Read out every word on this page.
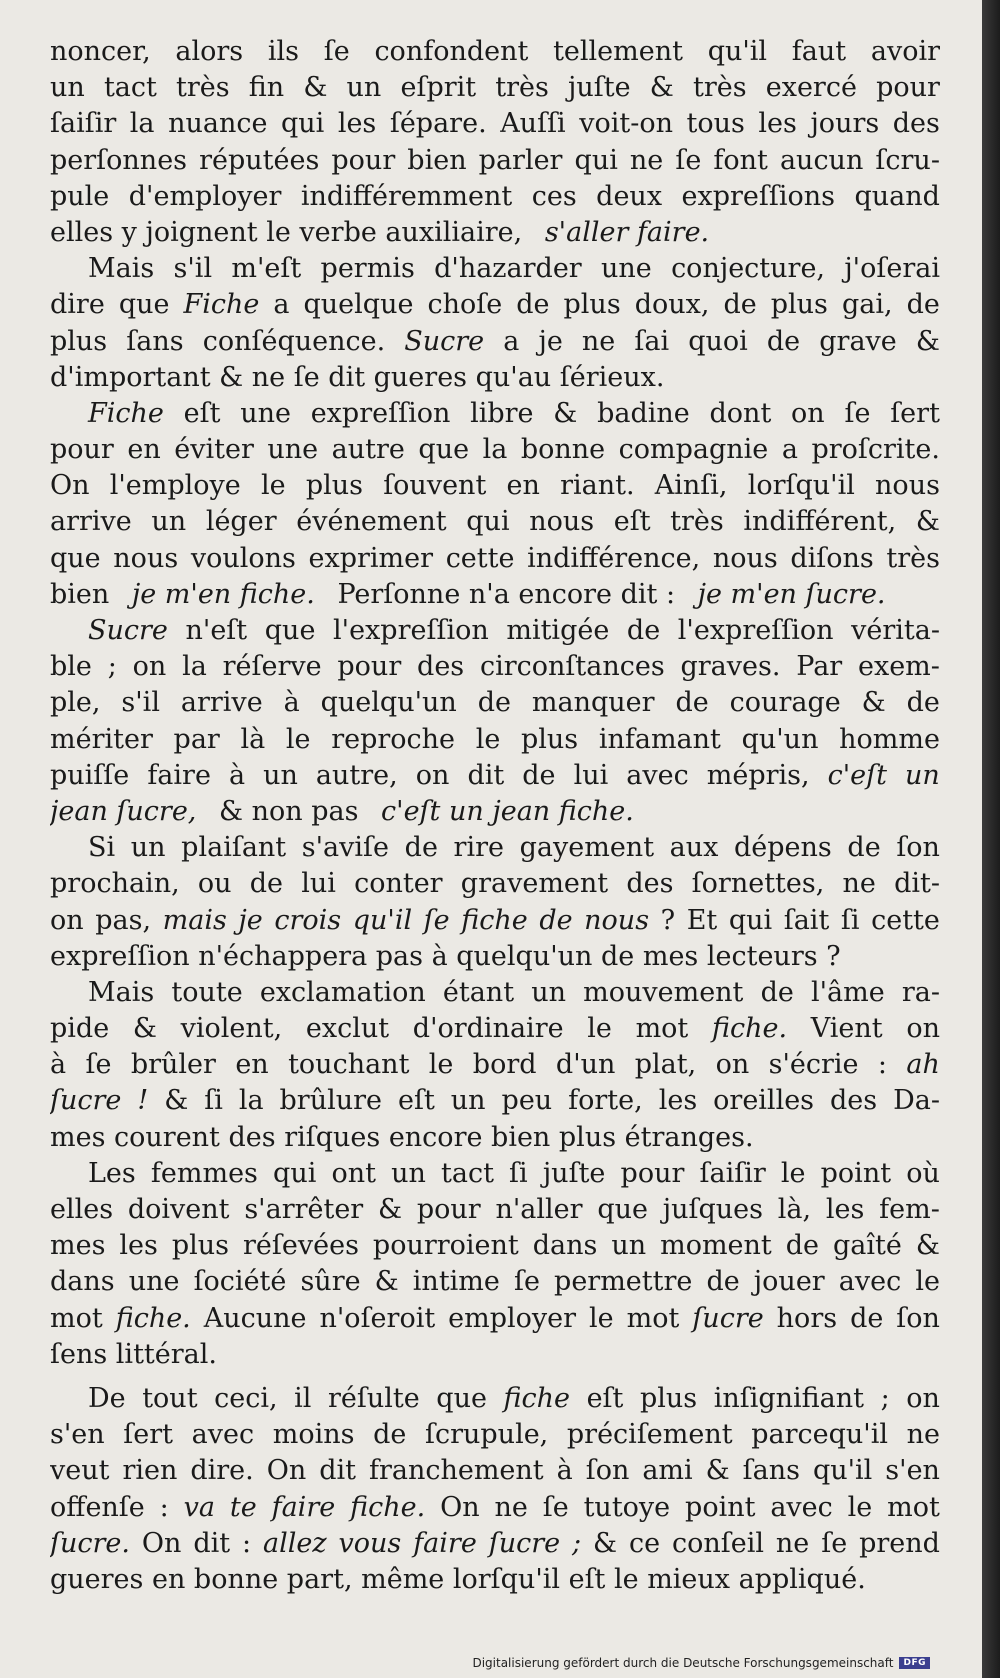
noncer, alors ils ſe confondent tellement qu'il faut avoir
un tact très fin & un eſprit très juſte & très exercé pour
ſaiſir la nuance qui les ſépare. Auſſi voit-on tous les jours des
perſonnes réputées pour bien parler qui ne ſe font aucun ſcru-
pule d'employer indifféremment ces deux expreſſions quand
elles y joignent le verbe auxiliaire, s'aller faire.
Mais s'il m'eſt permis d'hazarder une conjecture, j'oſerai
dire que Fiche a quelque choſe de plus doux, de plus gai, de
plus ſans conſéquence. Sucre a je ne ſai quoi de grave &
d'important & ne ſe dit gueres qu'au ſérieux.
Fiche eſt une expreſſion libre & badine dont on ſe ſert
pour en éviter une autre que la bonne compagnie a proſcrite.
On l'employe le plus ſouvent en riant. Ainſi, lorſqu'il nous
arrive un léger événement qui nous eſt très indifférent, &
que nous voulons exprimer cette indifférence, nous diſons très
bien je m'en fiche. Perſonne n'a encore dit : je m'en ſucre.
Sucre n'eſt que l'expreſſion mitigée de l'expreſſion vérita-
ble ; on la réſerve pour des circonſtances graves. Par exem-
ple, s'il arrive à quelqu'un de manquer de courage & de
mériter par là le reproche le plus infamant qu'un homme
puiſſe faire à un autre, on dit de lui avec mépris, c'eſt un
jean ſucre, & non pas c'eſt un jean fiche.
Si un plaiſant s'aviſe de rire gayement aux dépens de ſon
prochain, ou de lui conter gravement des ſornettes, ne dit-
on pas, mais je crois qu'il ſe fiche de nous ? Et qui ſait ſi cette
expreſſion n'échappera pas à quelqu'un de mes lecteurs ?
Mais toute exclamation étant un mouvement de l'âme ra-
pide & violent, exclut d'ordinaire le mot fiche. Vient on
à ſe brûler en touchant le bord d'un plat, on s'écrie : ah
ſucre ! & ſi la brûlure eſt un peu forte, les oreilles des Da-
mes courent des riſques encore bien plus étranges.
Les femmes qui ont un tact ſi juſte pour ſaiſir le point où
elles doivent s'arrêter & pour n'aller que juſques là, les fem-
mes les plus réſevées pourroient dans un moment de gaîté &
dans une ſociété sûre & intime ſe permettre de jouer avec le
mot fiche. Aucune n'oſeroit employer le mot ſucre hors de ſon
ſens littéral.
De tout ceci, il réſulte que fiche eſt plus inſignifiant ; on
s'en ſert avec moins de ſcrupule, préciſement parcequ'il ne
veut rien dire. On dit franchement à ſon ami & ſans qu'il s'en
offenſe : va te faire fiche. On ne ſe tutoye point avec le mot
ſucre. On dit : allez vous faire ſucre ; & ce conſeil ne ſe prend
gueres en bonne part, même lorſqu'il eſt le mieux appliqué.
Digitalisierung gefördert durch die Deutsche Forschungsgemeinschaft	DFG
